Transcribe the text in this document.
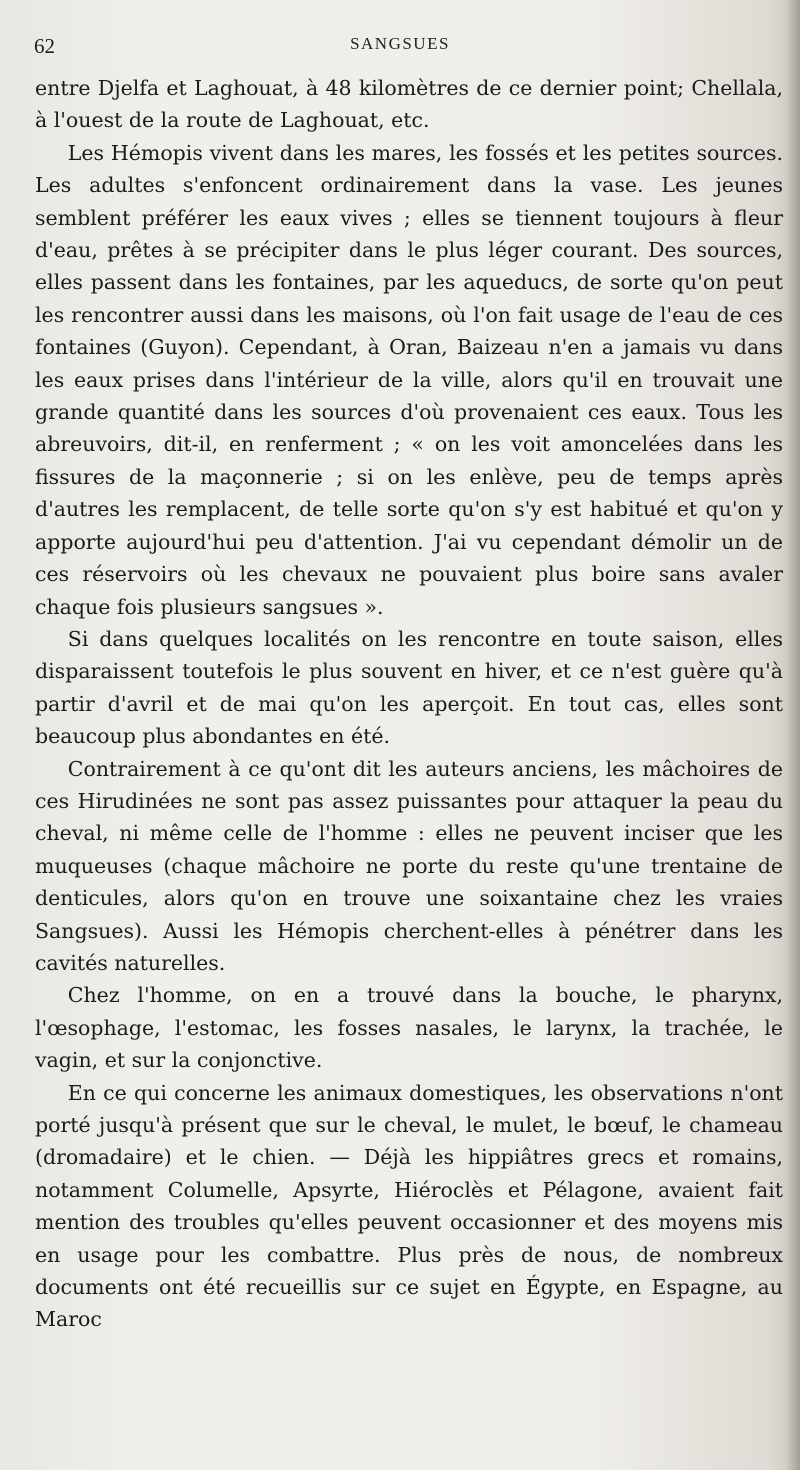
62	SANGSUES

entre Djelfa et Laghouat, à 48 kilomètres de ce dernier point; Chellala, à l'ouest de la route de Laghouat, etc.

Les Hémopis vivent dans les mares, les fossés et les petites sources. Les adultes s'enfoncent ordinairement dans la vase. Les jeunes semblent préférer les eaux vives ; elles se tiennent toujours à fleur d'eau, prêtes à se précipiter dans le plus léger courant. Des sources, elles passent dans les fontaines, par les aqueducs, de sorte qu'on peut les rencontrer aussi dans les maisons, où l'on fait usage de l'eau de ces fontaines (Guyon). Cependant, à Oran, Baizeau n'en a jamais vu dans les eaux prises dans l'intérieur de la ville, alors qu'il en trouvait une grande quantité dans les sources d'où provenaient ces eaux. Tous les abreuvoirs, dit-il, en renferment ; « on les voit amoncelées dans les fissures de la maçonnerie ; si on les enlève, peu de temps après d'autres les remplacent, de telle sorte qu'on s'y est habitué et qu'on y apporte aujourd'hui peu d'attention. J'ai vu cependant démolir un de ces réservoirs où les chevaux ne pouvaient plus boire sans avaler chaque fois plusieurs sangsues ».

Si dans quelques localités on les rencontre en toute saison, elles disparaissent toutefois le plus souvent en hiver, et ce n'est guère qu'à partir d'avril et de mai qu'on les aperçoit. En tout cas, elles sont beaucoup plus abondantes en été.

Contrairement à ce qu'ont dit les auteurs anciens, les mâchoires de ces Hirudinées ne sont pas assez puissantes pour attaquer la peau du cheval, ni même celle de l'homme : elles ne peuvent inciser que les muqueuses (chaque mâchoire ne porte du reste qu'une trentaine de denticules, alors qu'on en trouve une soixantaine chez les vraies Sangsues). Aussi les Hémopis cherchent-elles à pénétrer dans les cavités naturelles.

Chez l'homme, on en a trouvé dans la bouche, le pharynx, l'œsophage, l'estomac, les fosses nasales, le larynx, la trachée, le vagin, et sur la conjonctive.

En ce qui concerne les animaux domestiques, les observations n'ont porté jusqu'à présent que sur le cheval, le mulet, le bœuf, le chameau (dromadaire) et le chien. — Déjà les hippiâtres grecs et romains, notamment Columelle, Apsyrte, Hiéroclès et Pélagone, avaient fait mention des troubles qu'elles peuvent occasionner et des moyens mis en usage pour les combattre. Plus près de nous, de nombreux documents ont été recueillis sur ce sujet en Égypte, en Espagne, au Maroc
